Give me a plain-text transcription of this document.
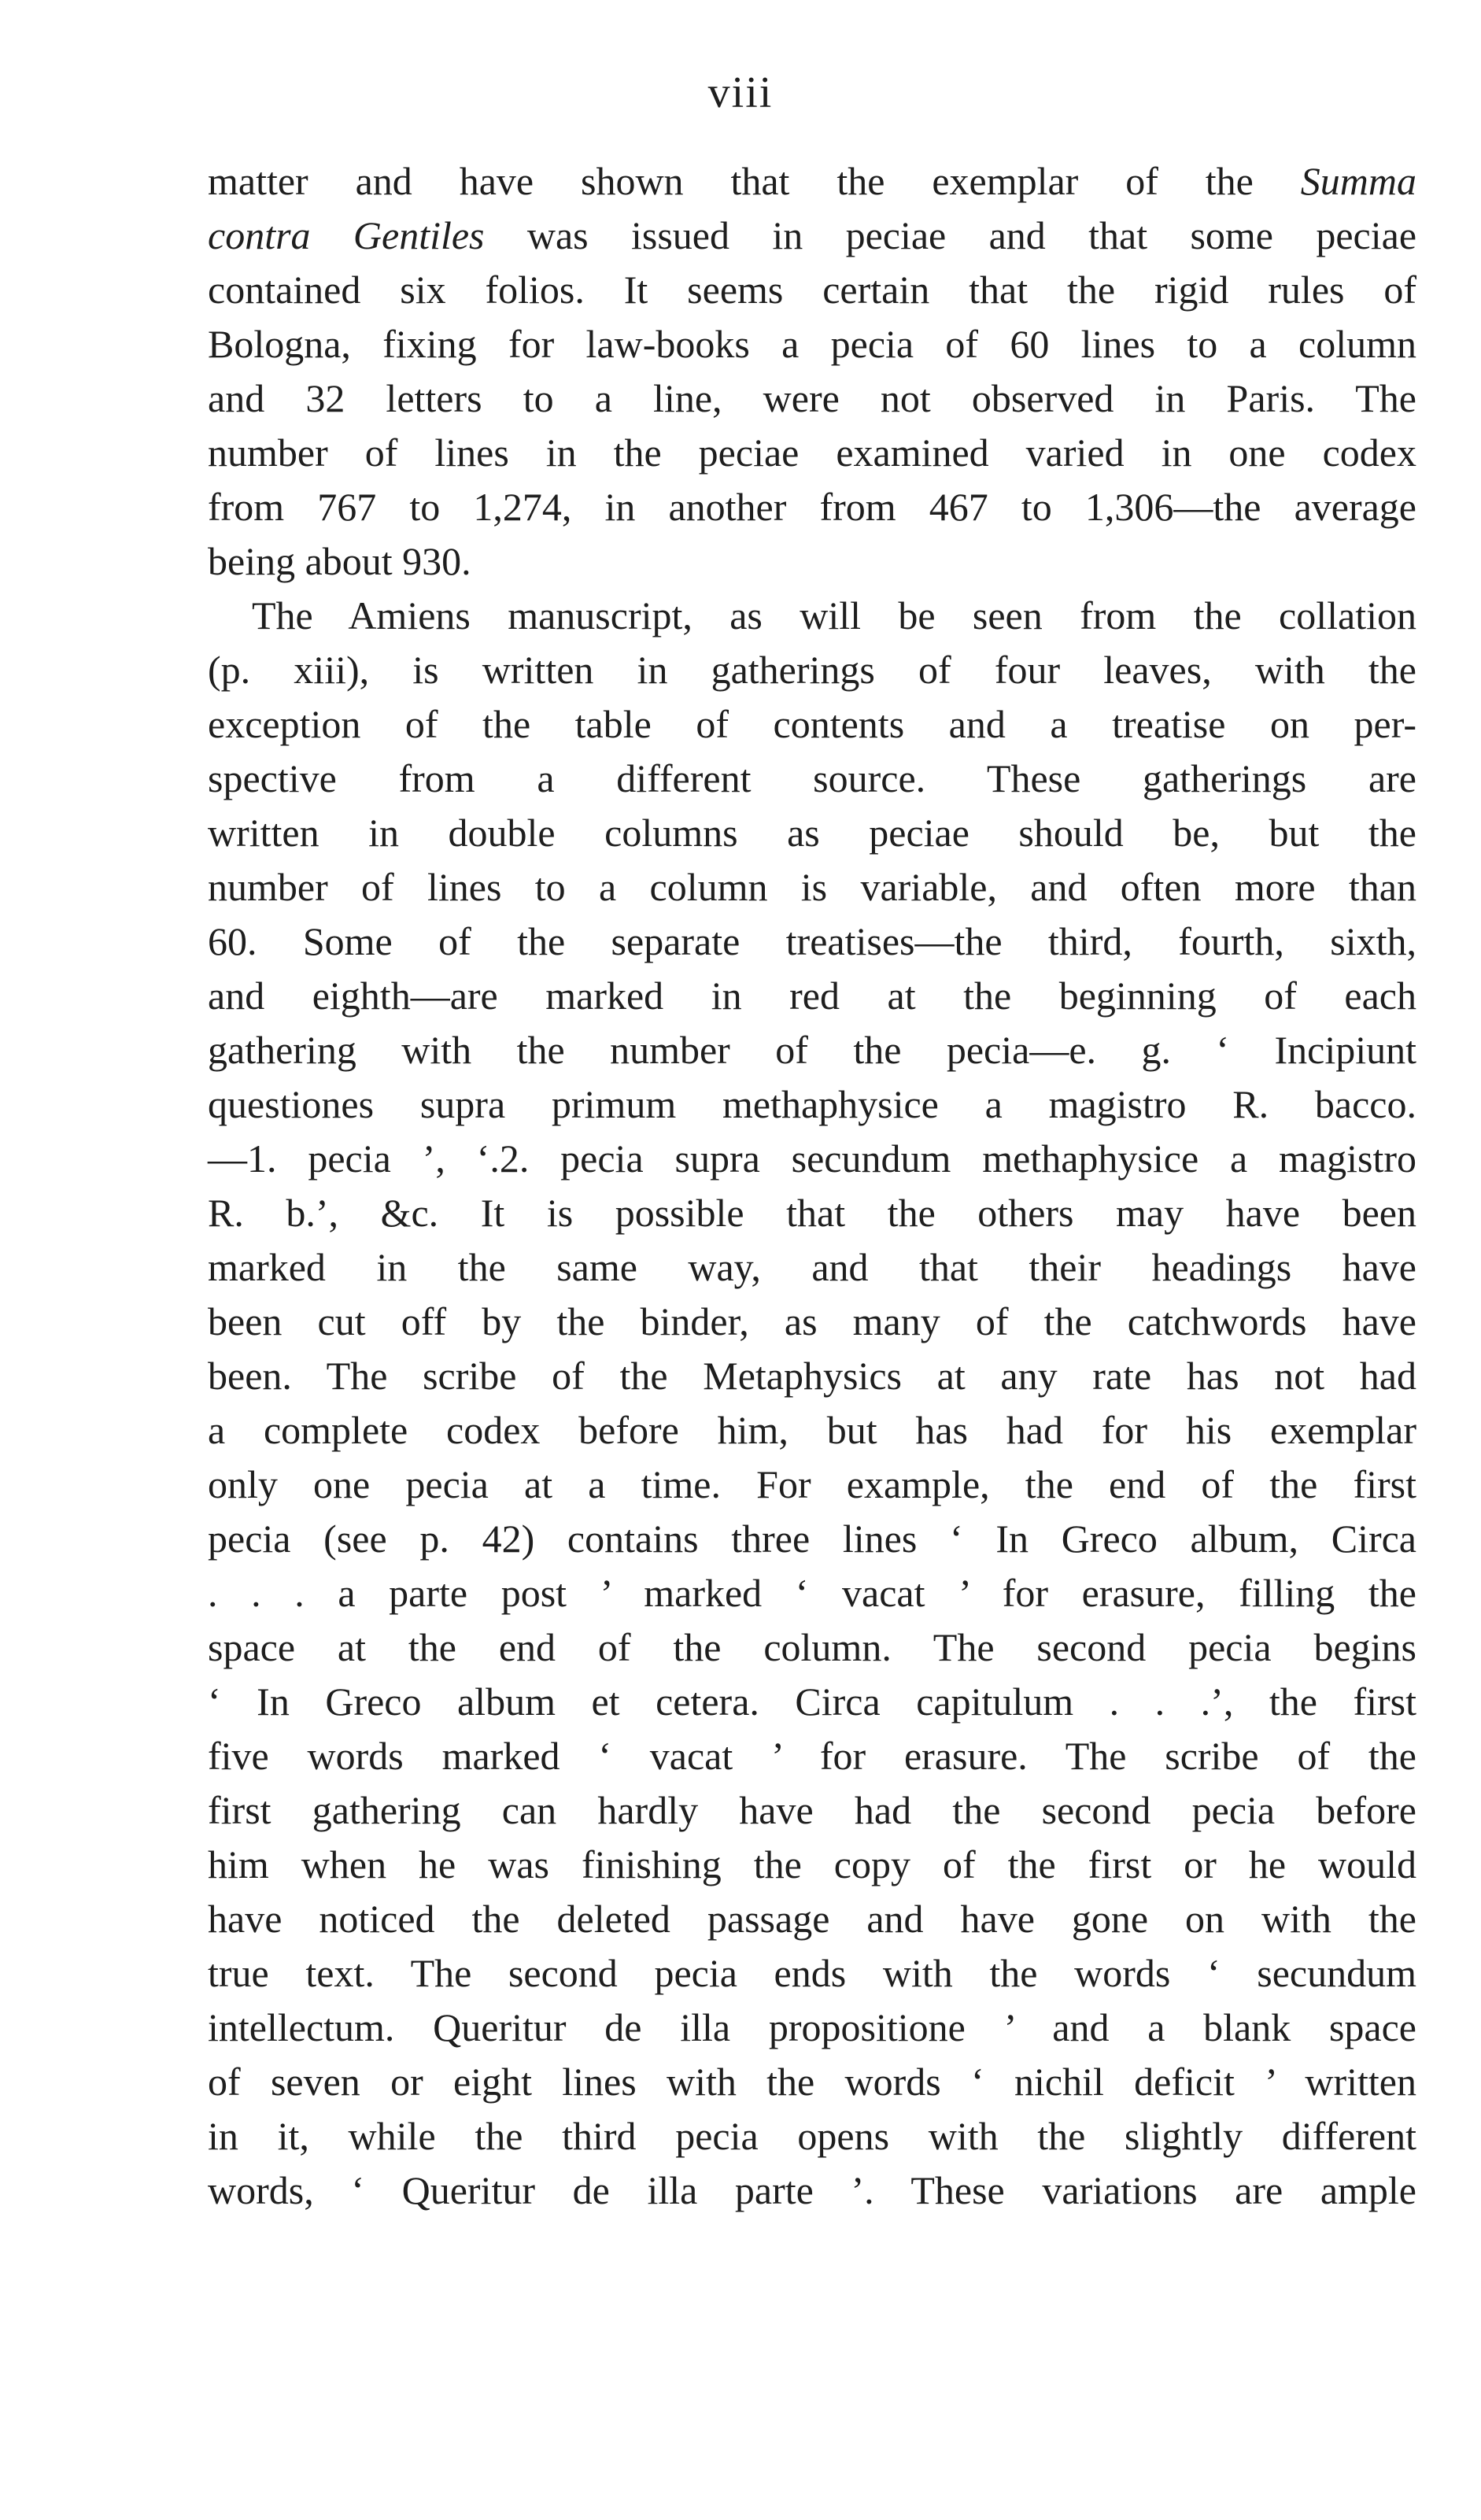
viii
matter and have shown that the exemplar of the Summa
contra Gentiles was issued in peciae and that some peciae
contained six folios. It seems certain that the rigid rules of
Bologna, fixing for law-books a pecia of 60 lines to a column
and 32 letters to a line, were not observed in Paris. The
number of lines in the peciae examined varied in one codex
from 767 to 1,274, in another from 467 to 1,306—the average
being about 930.
The Amiens manuscript, as will be seen from the collation
(p. xiii), is written in gatherings of four leaves, with the
exception of the table of contents and a treatise on per-
spective from a different source. These gatherings are
written in double columns as peciae should be, but the
number of lines to a column is variable, and often more than
60. Some of the separate treatises—the third, fourth, sixth,
and eighth—are marked in red at the beginning of each
gathering with the number of the pecia—e. g. ‘ Incipiunt
questiones supra primum methaphysice a magistro R. bacco.
—1. pecia ’, ‘.2. pecia supra secundum methaphysice a magistro
R. b.’, &c. It is possible that the others may have been
marked in the same way, and that their headings have
been cut off by the binder, as many of the catchwords have
been. The scribe of the Metaphysics at any rate has not had
a complete codex before him, but has had for his exemplar
only one pecia at a time. For example, the end of the first
pecia (see p. 42) contains three lines ‘ In Greco album, Circa
. . . a parte post ’ marked ‘ vacat ’ for erasure, filling the
space at the end of the column. The second pecia begins
‘ In Greco album et cetera. Circa capitulum . . .’, the first
five words marked ‘ vacat ’ for erasure. The scribe of the
first gathering can hardly have had the second pecia before
him when he was finishing the copy of the first or he would
have noticed the deleted passage and have gone on with the
true text. The second pecia ends with the words ‘ secundum
intellectum. Queritur de illa propositione ’ and a blank space
of seven or eight lines with the words ‘ nichil deficit ’ written
in it, while the third pecia opens with the slightly different
words, ‘ Queritur de illa parte ’. These variations are ample
